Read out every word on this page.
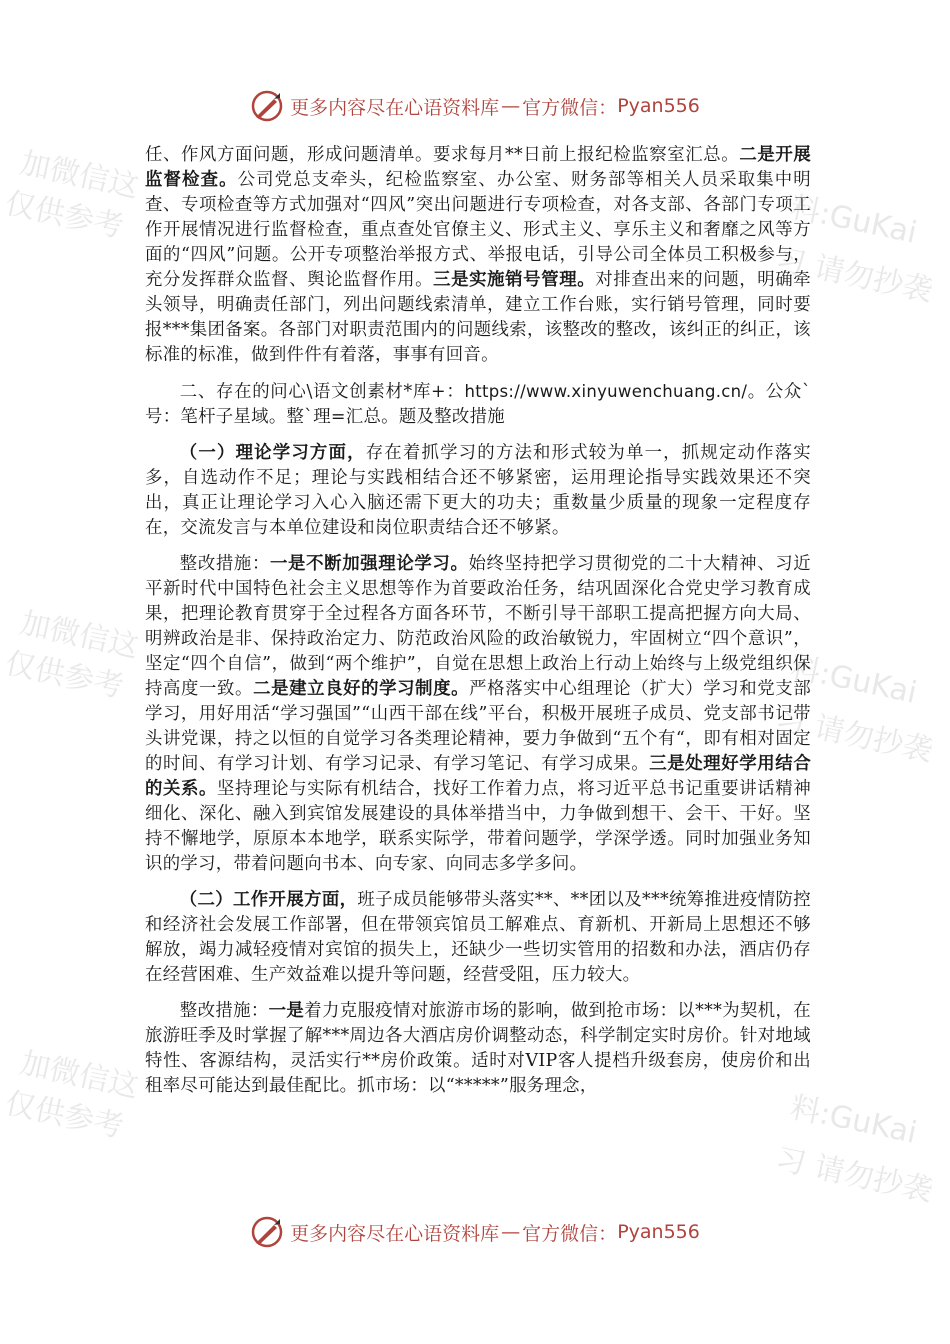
更多内容尽在心语资料库 — 官方微信： Pyan556
加微信这
仅供参考	料:GuKai
习 请勿抄袭
加微信这
仅供参考	料:GuKai
习 请勿抄袭
加微信这
仅供参考	料:GuKai
习 请勿抄袭

任、作风方面问题，形成问题清单。要求每月**日前上报纪检监察室汇总。二是开展监督检查。公司党总支牵头，纪检监察室、办公室、财务部等相关人员采取集中明查、专项检查等方式加强对“四风”突出问题进行专项检查，对各支部、各部门专项工作开展情况进行监督检查，重点查处官僚主义、形式主义、享乐主义和奢靡之风等方面的“四风”问题。公开专项整治举报方式、举报电话，引导公司全体员工积极参与，充分发挥群众监督、舆论监督作用。三是实施销号管理。对排查出来的问题，明确牵头领导，明确责任部门，列出问题线索清单，建立工作台账，实行销号管理，同时要报***集团备案。各部门对职责范围内的问题线索，该整改的整改，该纠正的纠正，该标准的标准，做到件件有着落，事事有回音。

二、存在的问心\语文创素材*库+：https://www.xinyuwenchuang.cn/。公众`号：笔杆子星域。整`理=汇总。题及整改措施

（一）理论学习方面，存在着抓学习的方法和形式较为单一，抓规定动作落实多，自选动作不足；理论与实践相结合还不够紧密，运用理论指导实践效果还不突出，真正让理论学习入心入脑还需下更大的功夫；重数量少质量的现象一定程度存在，交流发言与本单位建设和岗位职责结合还不够紧。

整改措施：一是不断加强理论学习。始终坚持把学习贯彻党的二十大精神、习近平新时代中国特色社会主义思想等作为首要政治任务，结巩固深化合党史学习教育成果，把理论教育贯穿于全过程各方面各环节，不断引导干部职工提高把握方向大局、明辨政治是非、保持政治定力、防范政治风险的政治敏锐力，牢固树立“四个意识”，坚定“四个自信”，做到“两个维护”，自觉在思想上政治上行动上始终与上级党组织保持高度一致。二是建立良好的学习制度。严格落实中心组理论（扩大）学习和党支部学习，用好用活“学习强国”“山西干部在线”平台，积极开展班子成员、党支部书记带头讲党课，持之以恒的自觉学习各类理论精神，要力争做到“五个有“，即有相对固定的时间、有学习计划、有学习记录、有学习笔记、有学习成果。三是处理好学用结合的关系。坚持理论与实际有机结合，找好工作着力点，将习近平总书记重要讲话精神细化、深化、融入到宾馆发展建设的具体举措当中，力争做到想干、会干、干好。坚持不懈地学，原原本本地学，联系实际学，带着问题学，学深学透。同时加强业务知识的学习，带着问题向书本、向专家、向同志多学多问。

（二）工作开展方面，班子成员能够带头落实**、**团以及***统筹推进疫情防控和经济社会发展工作部署，但在带领宾馆员工解难点、育新机、开新局上思想还不够解放，竭力减轻疫情对宾馆的损失上，还缺少一些切实管用的招数和办法，酒店仍存在经营困难、生产效益难以提升等问题，经营受阻，压力较大。

整改措施：一是着力克服疫情对旅游市场的影响，做到抢市场：以***为契机，在旅游旺季及时掌握了解***周边各大酒店房价调整动态，科学制定实时房价。针对地域特性、客源结构，灵活实行**房价政策。适时对VIP客人提档升级套房，使房价和出租率尽可能达到最佳配比。抓市场：以“*****”服务理念，

更多内容尽在心语资料库 — 官方微信： Pyan556
